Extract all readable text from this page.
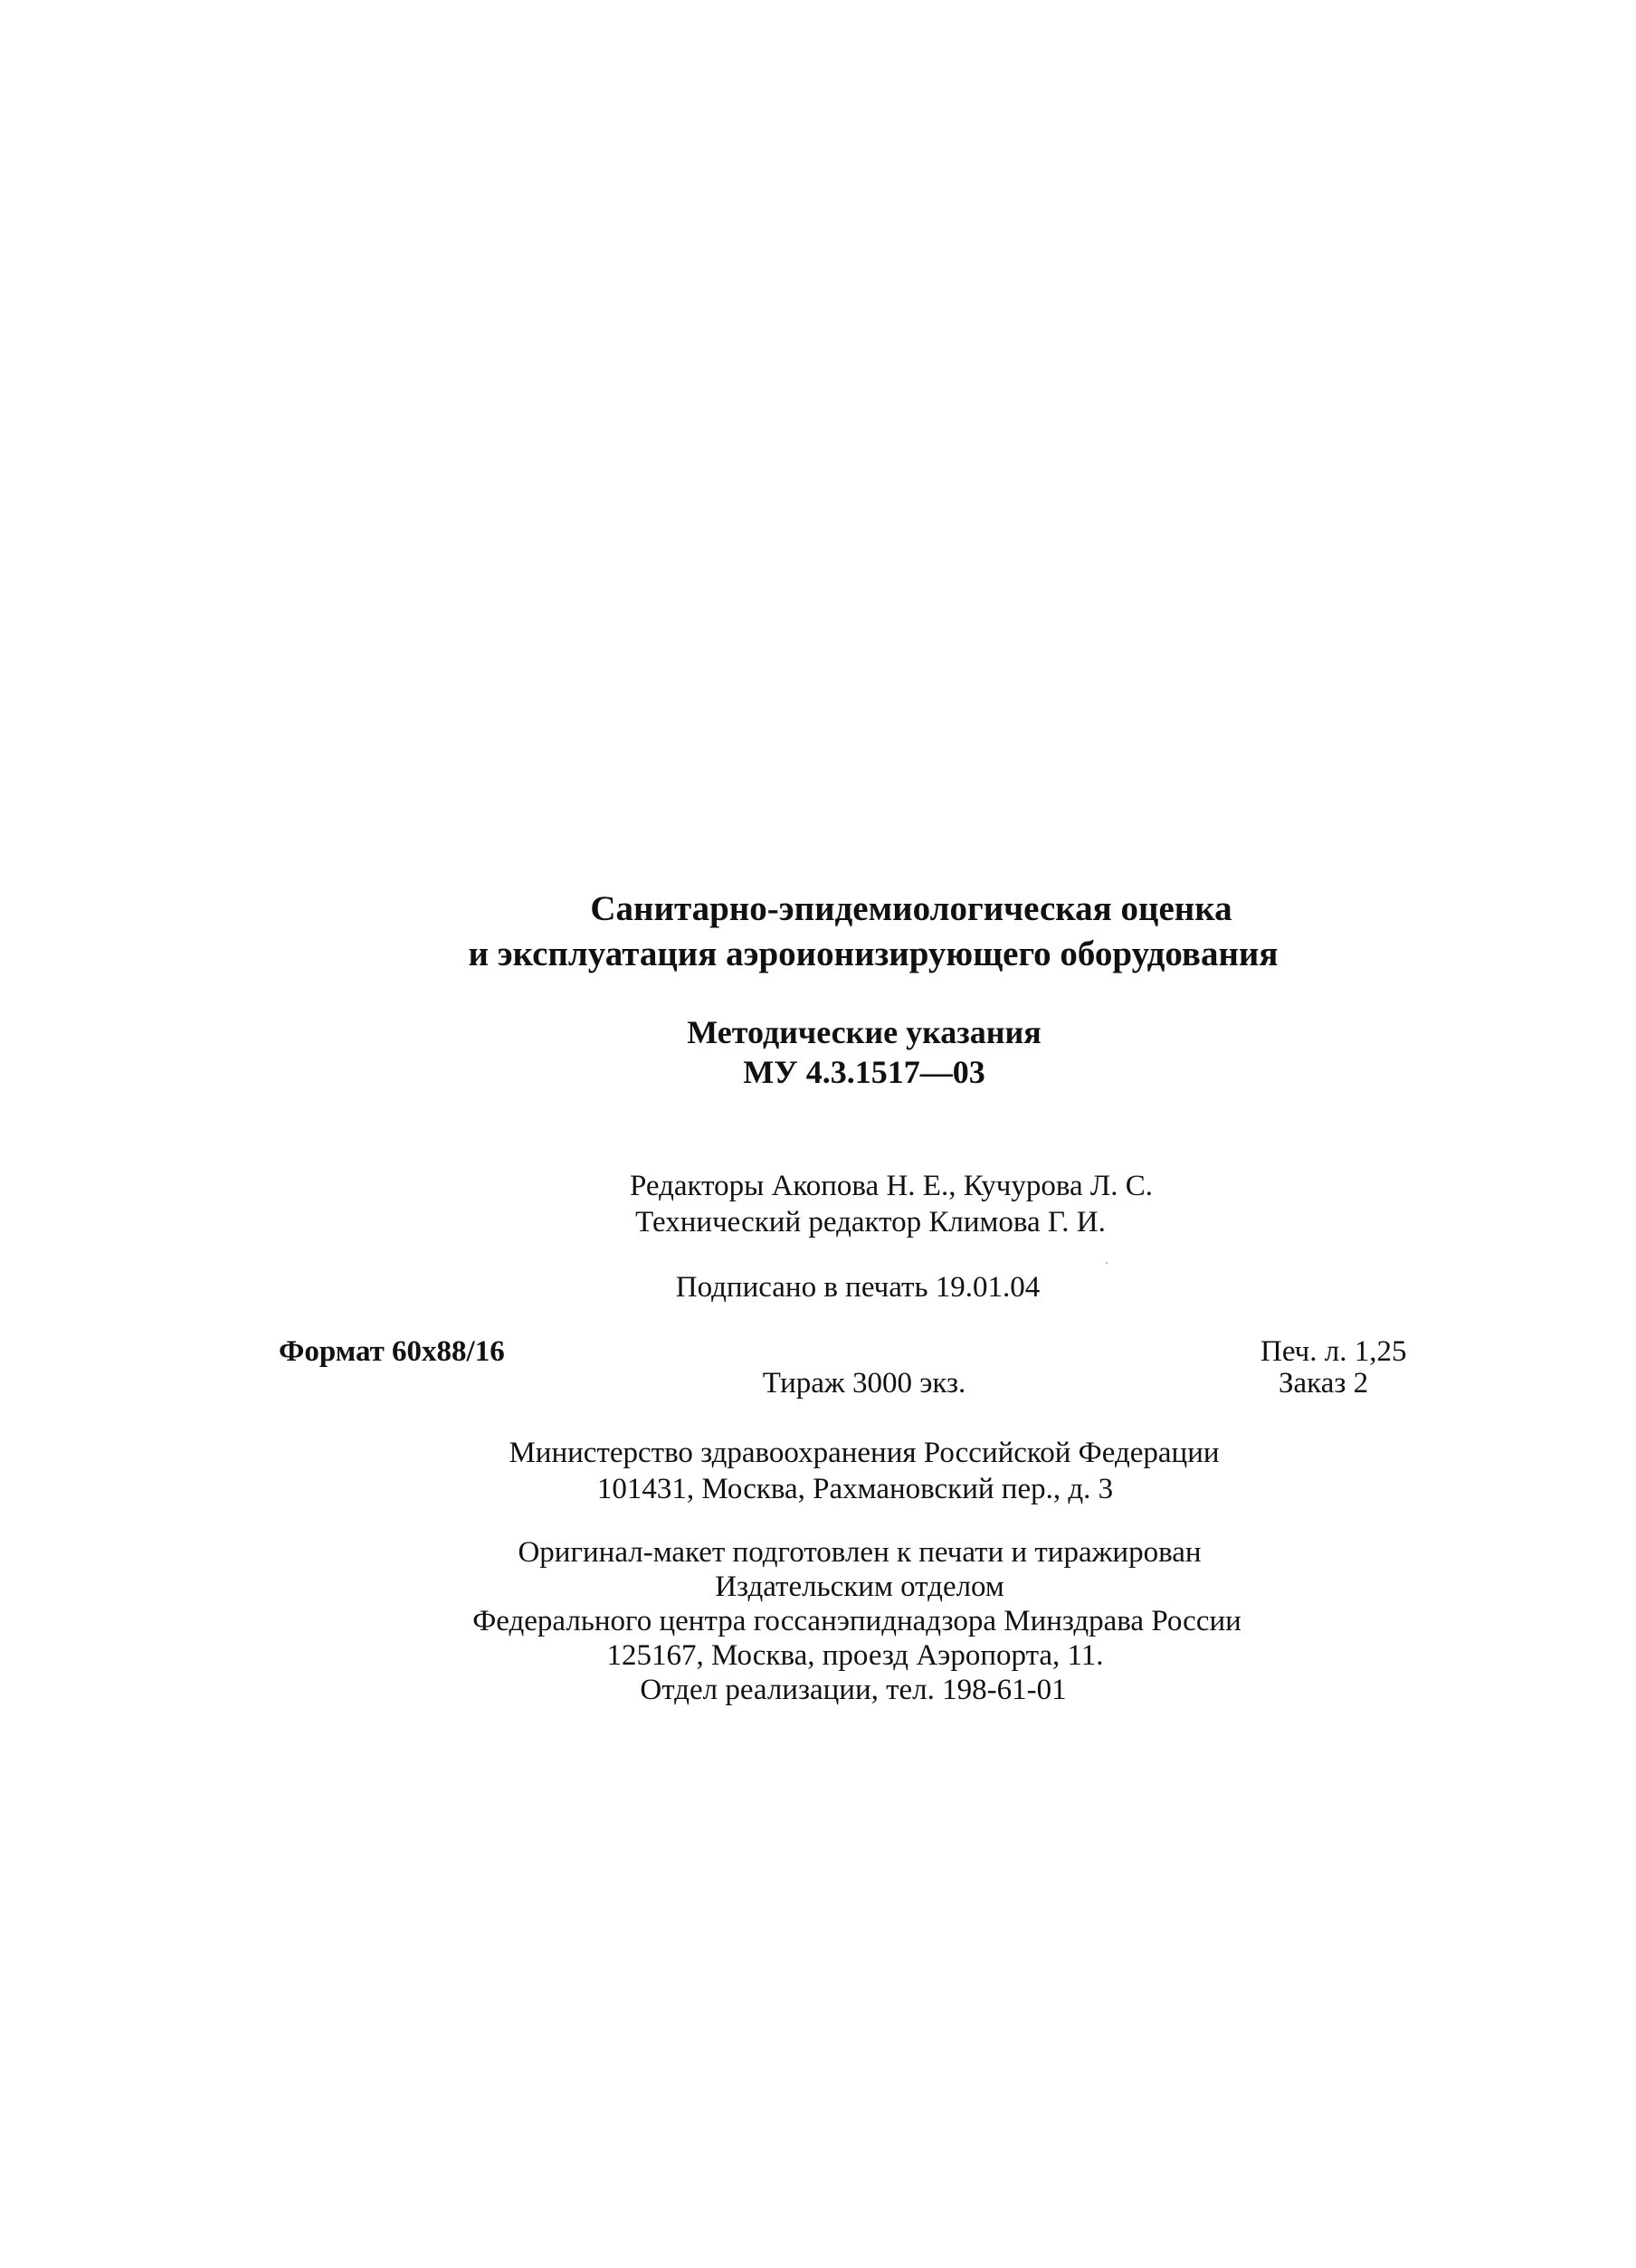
Санитарно-эпидемиологическая оценка
и эксплуатация аэроионизирующего оборудования
Методические указания
МУ 4.3.1517—03
Редакторы Акопова Н. Е., Кучурова Л. С.
Технический редактор Климова Г. И.
Подписано в печать 19.01.04
Формат 60х88/16	Печ. л. 1,25
Тираж 3000 экз.	Заказ 2
Министерство здравоохранения Российской Федерации
101431, Москва, Рахмановский пер., д. 3
Оригинал-макет подготовлен к печати и тиражирован
Издательским отделом
Федерального центра госсанэпиднадзора Минздрава России
125167, Москва, проезд Аэропорта, 11.
Отдел реализации, тел. 198-61-01
